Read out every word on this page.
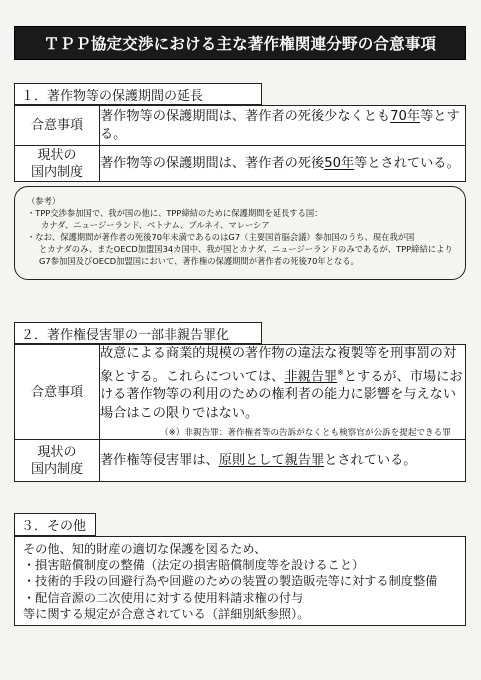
ＴＰＰ協定交渉における主な著作権関連分野の合意事項
１．著作物等の保護期間の延長
合意事項	著作物等の保護期間は、著作者の死後少なくとも70年等とする。

現状の
国内制度	著作物等の保護期間は、著作者の死後50年等とされている。
（参考）
・TPP交渉参加国で、我が国の他に、TPP締結のために保護期間を延長する国：
カナダ、ニュージーランド、ベトナム、ブルネイ、マレーシア
・なお、保護期間が著作者の死後70年未満であるのはG7（主要国首脳会議）参加国のうち、現在我が国
とカナダのみ、またOECD加盟国34カ国中、我が国とカナダ、ニュージーランドのみであるが、TPP締結により
G7参加国及びOECD加盟国において、著作権の保護期間が著作者の死後70年となる。
２．著作権侵害罪の一部非親告罪化
合意事項	故意による商業的規模の著作物の違法な複製等を刑事罰の対象とする。これらについては、非親告罪※とするが、市場における著作物等の利用のための権利者の能力に影響を与えない場合はこの限りではない。
（※）非親告罪：著作権者等の告訴がなくとも検察官が公訴を提起できる罪

現状の
国内制度	著作権等侵害罪は、原則として親告罪とされている。
３．その他
その他、知的財産の適切な保護を図るため、
・損害賠償制度の整備（法定の損害賠償制度等を設けること）
・技術的手段の回避行為や回避のための装置の製造販売等に対する制度整備
・配信音源の二次使用に対する使用料請求権の付与
等に関する規定が合意されている（詳細別紙参照）。
